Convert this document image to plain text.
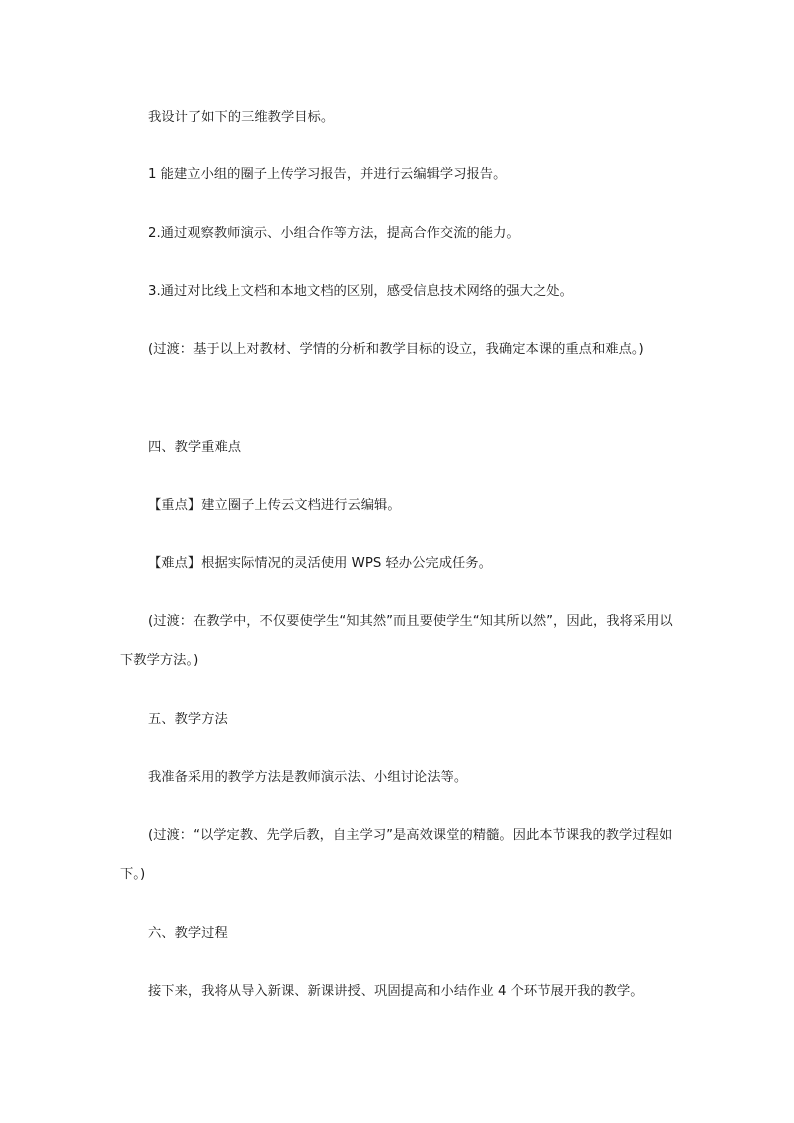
我设计了如下的三维教学目标。

1 能建立小组的圈子上传学习报告，并进行云编辑学习报告。

2.通过观察教师演示、小组合作等方法，提高合作交流的能力。

3.通过对比线上文档和本地文档的区别，感受信息技术网络的强大之处。

(过渡：基于以上对教材、学情的分析和教学目标的设立，我确定本课的重点和难点。)

四、教学重难点

【重点】建立圈子上传云文档进行云编辑。

【难点】根据实际情况的灵活使用 WPS 轻办公完成任务。

(过渡：在教学中，不仅要使学生“知其然”而且要使学生“知其所以然”，因此，我将采用以下教学方法。)

五、教学方法

我准备采用的教学方法是教师演示法、小组讨论法等。

(过渡：“以学定教、先学后教，自主学习”是高效课堂的精髓。因此本节课我的教学过程如下。)

六、教学过程

接下来，我将从导入新课、新课讲授、巩固提高和小结作业 4 个环节展开我的教学。
